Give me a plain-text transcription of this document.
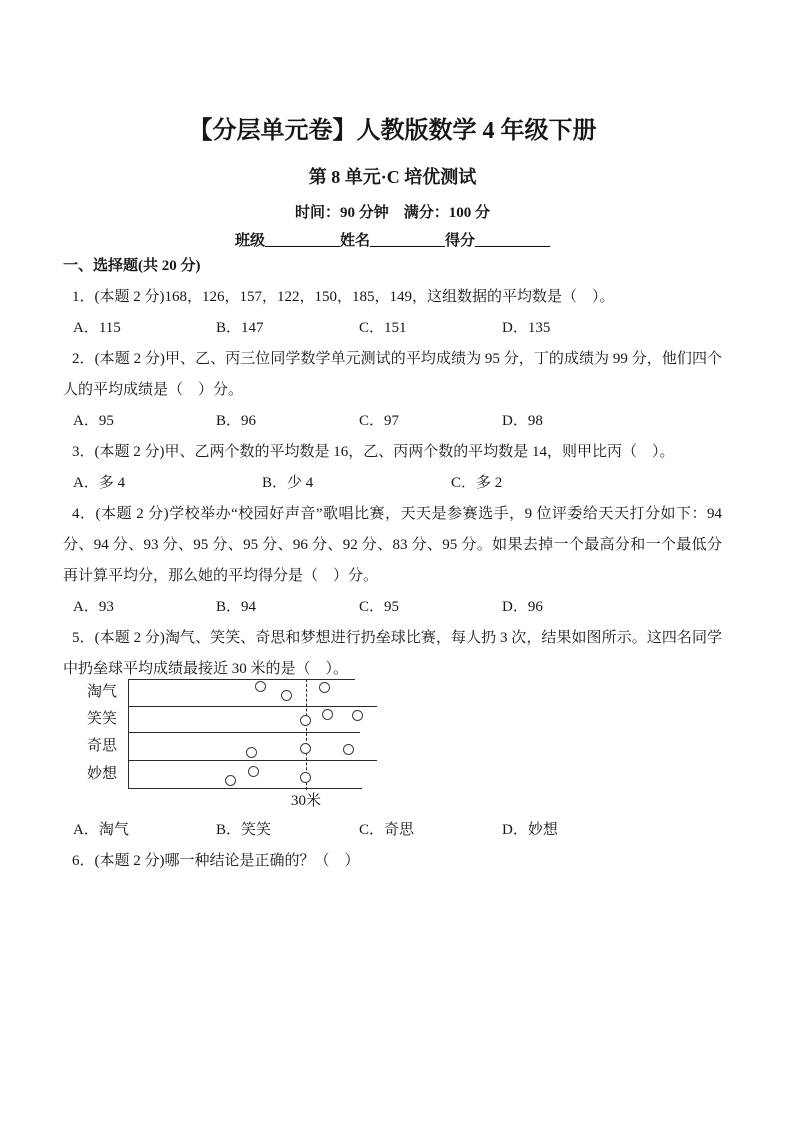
【分层单元卷】人教版数学 4 年级下册
第 8 单元·C 培优测试
时间：90 分钟　满分：100 分
班级__________姓名__________得分__________
一、选择题(共 20 分)

1．(本题 2 分)168，126，157，122，150，185，149，这组数据的平均数是（　）。

A．115	B．147	C．151	D．135

2．(本题 2 分)甲、乙、丙三位同学数学单元测试的平均成绩为 95 分，丁的成绩为 99 分，他们四个人的平均成绩是（　）分。

A．95	B．96	C．97	D．98

3．(本题 2 分)甲、乙两个数的平均数是 16，乙、丙两个数的平均数是 14，则甲比丙（　）。

A．多 4	B．少 4	C．多 2

4．(本题 2 分)学校举办“校园好声音”歌唱比赛，天天是参赛选手，9 位评委给天天打分如下：94 分、94 分、93 分、95 分、95 分、96 分、92 分、83 分、95 分。如果去掉一个最高分和一个最低分再计算平均分，那么她的平均得分是（　）分。

A．93	B．94	C．95	D．96

5．(本题 2 分)淘气、笑笑、奇思和梦想进行扔垒球比赛，每人扔 3 次，结果如图所示。这四名同学中扔垒球平均成绩最接近 30 米的是（　）。

淘气
笑笑
奇思
妙想
30米
A．淘气	B．笑笑	C．奇思	D．妙想

6．(本题 2 分)哪一种结论是正确的？（　）
